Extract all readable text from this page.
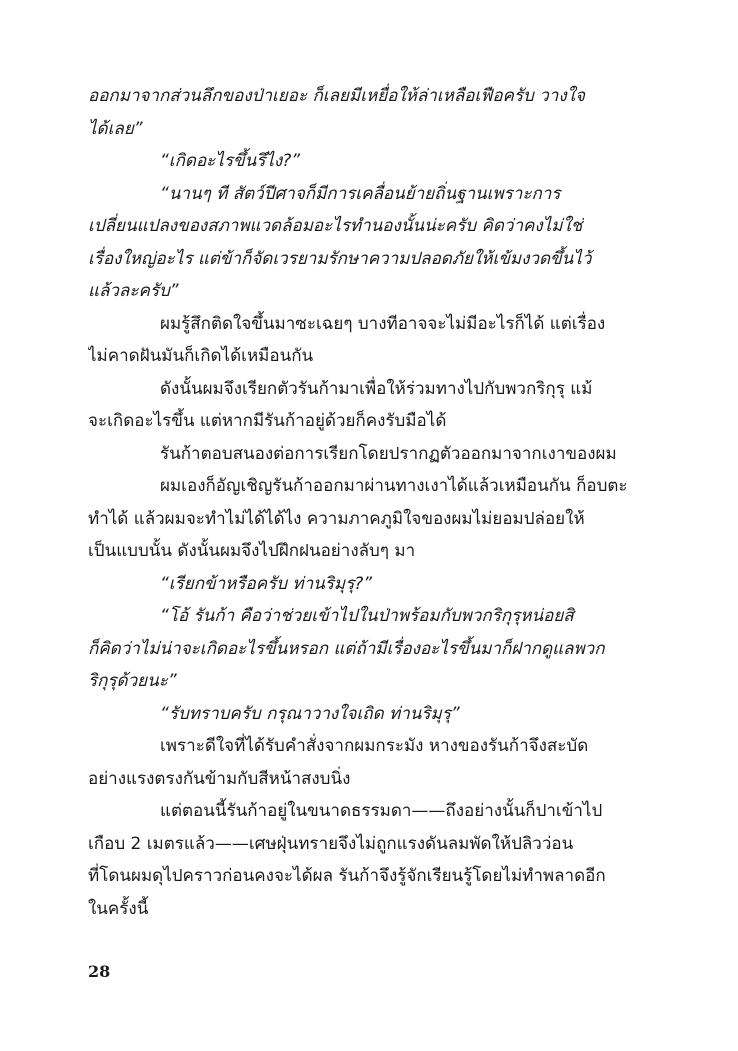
ออกมาจากส่วนลึกของป่าเยอะ ก็เลยมีเหยื่อให้ล่าเหลือเฟือครับ วางใจ
ได้เลย”
“เกิดอะไรขึ้นรึไง?”
“นานๆ ที สัตว์ปีศาจก็มีการเคลื่อนย้ายถิ่นฐานเพราะการ
เปลี่ยนแปลงของสภาพแวดล้อมอะไรทำนองนั้นน่ะครับ คิดว่าคงไม่ใช่
เรื่องใหญ่อะไร แต่ข้าก็จัดเวรยามรักษาความปลอดภัยให้เข้มงวดขึ้นไว้
แล้วละครับ”
ผมรู้สึกติดใจขึ้นมาซะเฉยๆ บางทีอาจจะไม่มีอะไรก็ได้ แต่เรื่อง
ไม่คาดฝันมันก็เกิดได้เหมือนกัน
ดังนั้นผมจึงเรียกตัวรันก้ามาเพื่อให้ร่วมทางไปกับพวกริกุรุ แม้
จะเกิดอะไรขึ้น แต่หากมีรันก้าอยู่ด้วยก็คงรับมือได้
รันก้าตอบสนองต่อการเรียกโดยปรากฏตัวออกมาจากเงาของผม
ผมเองก็อัญเชิญรันก้าออกมาผ่านทางเงาได้แล้วเหมือนกัน ก็อบตะ
ทำได้ แล้วผมจะทำไม่ได้ได้ไง ความภาคภูมิใจของผมไม่ยอมปล่อยให้
เป็นแบบนั้น ดังนั้นผมจึงไปฝึกฝนอย่างลับๆ มา
“เรียกข้าหรือครับ ท่านริมุรุ?”
“โอ้ รันก้า คือว่าช่วยเข้าไปในป่าพร้อมกับพวกริกุรุหน่อยสิ
ก็คิดว่าไม่น่าจะเกิดอะไรขึ้นหรอก แต่ถ้ามีเรื่องอะไรขึ้นมาก็ฝากดูแลพวก
ริกุรุด้วยนะ”
“รับทราบครับ กรุณาวางใจเถิด ท่านริมุรุ”
เพราะดีใจที่ได้รับคำสั่งจากผมกระมัง หางของรันก้าจึงสะบัด
อย่างแรงตรงกันข้ามกับสีหน้าสงบนิ่ง
แต่ตอนนี้รันก้าอยู่ในขนาดธรรมดา——ถึงอย่างนั้นก็ปาเข้าไป
เกือบ 2 เมตรแล้ว——เศษฝุ่นทรายจึงไม่ถูกแรงดันลมพัดให้ปลิวว่อน
ที่โดนผมดุไปคราวก่อนคงจะได้ผล รันก้าจึงรู้จักเรียนรู้โดยไม่ทำพลาดอีก
ในครั้งนี้
28
